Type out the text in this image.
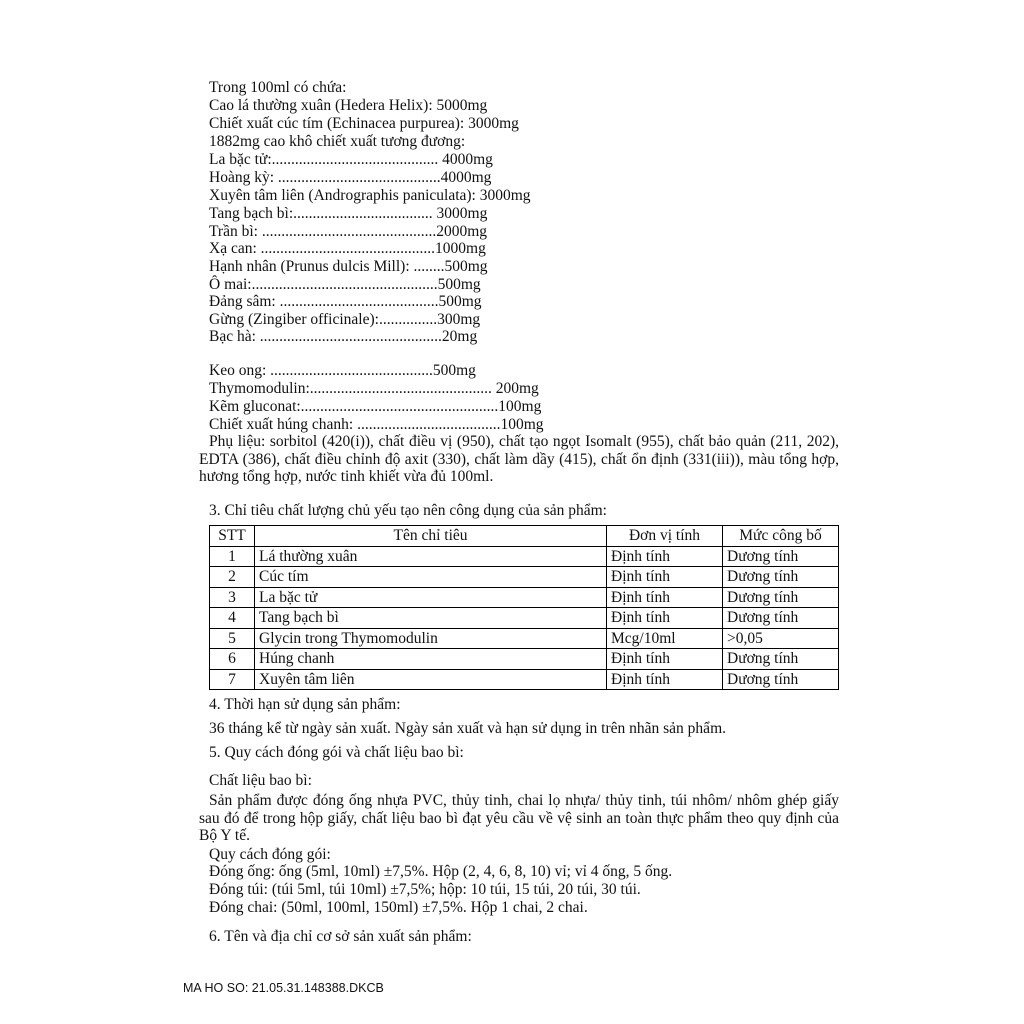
Trong 100ml có chứa:
Cao lá thường xuân (Hedera Helix): 5000mg
Chiết xuất cúc tím (Echinacea purpurea): 3000mg
1882mg cao khô chiết xuất tương đương:
La bặc tử:........................................... 4000mg
Hoàng kỳ: ..........................................4000mg
Xuyên tâm liên (Andrographis paniculata): 3000mg
Tang bạch bì:.................................... 3000mg
Trần bì: .............................................2000mg
Xạ can: .............................................1000mg
Hạnh nhân (Prunus dulcis Mill): ........500mg
Ô mai:................................................500mg
Đảng sâm: .........................................500mg
Gừng (Zingiber officinale):...............300mg
Bạc hà: ...............................................20mg
Keo ong: ..........................................500mg
Thymomodulin:............................................... 200mg
Kẽm gluconat:...................................................100mg
Chiết xuất húng chanh: .....................................100mg
Phụ liệu: sorbitol (420(i)), chất điều vị (950), chất tạo ngọt Isomalt (955), chất bảo quản (211, 202), EDTA (386), chất điều chỉnh độ axit (330), chất làm dầy (415), chất ổn định (331(iii)), màu tổng hợp, hương tổng hợp, nước tinh khiết vừa đủ 100ml.
3. Chỉ tiêu chất lượng chủ yếu tạo nên công dụng của sản phẩm:
STT	Tên chỉ tiêu	Đơn vị tính	Mức công bố
1	Lá thường xuân	Định tính	Dương tính
2	Cúc tím	Định tính	Dương tính
3	La bặc tử	Định tính	Dương tính
4	Tang bạch bì	Định tính	Dương tính
5	Glycin trong Thymomodulin	Mcg/10ml	>0,05
6	Húng chanh	Định tính	Dương tính
7	Xuyên tâm liên	Định tính	Dương tính
4. Thời hạn sử dụng sản phẩm:
36 tháng kể từ ngày sản xuất. Ngày sản xuất và hạn sử dụng in trên nhãn sản phẩm.
5. Quy cách đóng gói và chất liệu bao bì:
Chất liệu bao bì:
Sản phẩm được đóng ống nhựa PVC, thủy tinh, chai lọ nhựa/ thủy tinh, túi nhôm/ nhôm ghép giấy sau đó để trong hộp giấy, chất liệu bao bì đạt yêu cầu về vệ sinh an toàn thực phẩm theo quy định của Bộ Y tế.
Quy cách đóng gói:
Đóng ống: ống (5ml, 10ml) ±7,5%. Hộp (2, 4, 6, 8, 10) vỉ; vỉ 4 ống, 5 ống.
Đóng túi: (túi 5ml, túi 10ml) ±7,5%; hộp: 10 túi, 15 túi, 20 túi, 30 túi.
Đóng chai: (50ml, 100ml, 150ml) ±7,5%. Hộp 1 chai, 2 chai.
6. Tên và địa chỉ cơ sở sản xuất sản phẩm:
MA HO SO: 21.05.31.148388.DKCB
